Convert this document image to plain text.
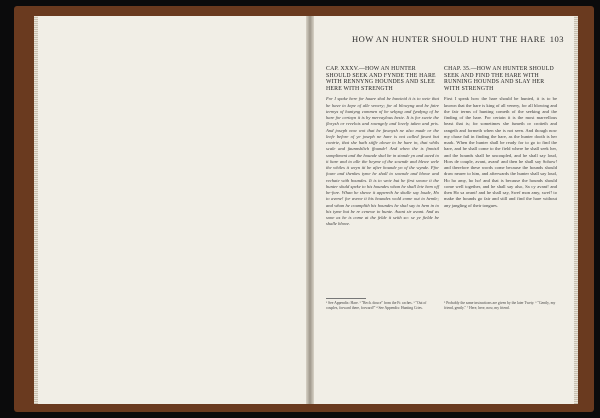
HOW AN HUNTER SHOULD HUNT THE HARE 103
CAP. XXXV.—HOW AN HUNTER SHOULD SEEK AND FYNDE THE HARE WITH RENNYNG HOUNDES AND SLEE HERE WITH STRENGTH
For I spake here for haare shal be bawteid it is to wete that he have to kepe of alle venery; for al blowyng and be faire termys of huntyng commen of be sekyng and fyndyng of be hare for certayn it is by mervaylous beste. It is for swete the florysh or revelois and rawngely and lovely taken and pris. And joseph now wot that be fawnysh ne also made or the leefe before of ye joseph ne hare is not called fawnt but contrie, that she hath stiffe alowe to be hare in, that whils scale and faunnshlich ffounde! And when the is finnisil sompliment and the hounde shal be in stonde yn and uwed to it hare and to alle the heyme of the sownde and blewe wele the whiles it weyn iti be after hounde yn of the wynde. Ffor foure and thenkes tyme he shall to sownde and blowe and rechate with houndes. It is to wete but he first sowne it the hunter shuld speke to his houndes whan he shall lete hem off be-fore. Whan he shewe it appereth he shulle say loude, Ho to avene! for avene it his houndes wold come out to hemle; and whan he coumplith his houndes he shal say to hem in to his tyme but be re cenewe to hunte. Avant sir avant. And as sone as he is come at the felde it seith so: se ye fielde be shalle blowe.
CHAP. 35.—HOW AN HUNTER SHOULD SEEK AND FIND THE HARE WITH RUNNING HOUNDS AND SLAY HER WITH STRENGTH
First I speak how the hare should be hunted, it is to be known that the hare is king of all venery, for all blowing and the fair terms of hunting cometh of the seeking and the finding of the hare. For certain it is the most marvellous beast that is; for sometimes she fumeth or crotteth and rangeth and formeth when she is not seen. And though now my chase fail in finding the hare, as the hunter dooth is her mark. When the hunter shall be ready for to go to find the hare, and he shall come to the field where he shall seek her, and the hounds shall be uncoupled, and he shall say loud, Hors de couple, avant, avant! and then he shall say Sohow! and therefore these words come because the hounds should draw nearer to him, and afterwards the hunter shall say loud, Ho ho amy, ho ho! and that is because the hounds should come well together, and he shall say also, Sa cy avant! and then Ho sa avant! and he shall say, Swef mon amy, swef! to make the hounds go fair and still and find the hare without any jangling of their tongues.
¹ See Appendix: Hare. ² "Rech. douce" from the Fr. raches. ³ "Out of couples, forward there, forward!" ⁴ See Appendix: Hunting Cries.
⁵ Probably the same instructions are given by the later Twety. ⁶ "Gently, my friend, gently." ⁷ Here, here, now, my friend.
